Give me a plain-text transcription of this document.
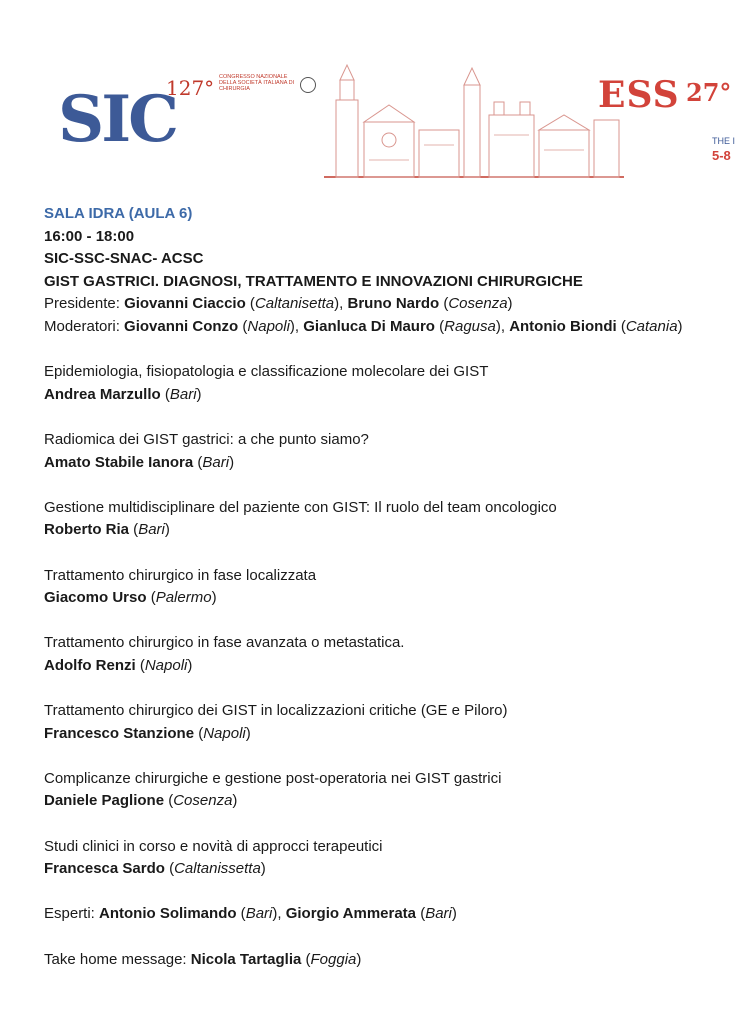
SIC
127° CONGRESSO NAZIONALE DELLA SOCIETÀ ITALIANA DI CHIRURGIA	ESS 27°
THE I
5-8

SALA IDRA (AULA 6)

16:00 - 18:00

SIC-SSC-SNAC- ACSC

GIST GASTRICI. DIAGNOSI, TRATTAMENTO E INNOVAZIONI CHIRURGICHE

Presidente: Giovanni Ciaccio (Caltanisetta), Bruno Nardo (Cosenza)

Moderatori: Giovanni Conzo (Napoli), Gianluca Di Mauro (Ragusa), Antonio Biondi (Catania)

Epidemiologia, fisiopatologia e classificazione molecolare dei GIST

Andrea Marzullo (Bari)

Radiomica dei GIST gastrici: a che punto siamo?

Amato Stabile Ianora (Bari)

Gestione multidisciplinare del paziente con GIST: Il ruolo del team oncologico

Roberto Ria (Bari)

Trattamento chirurgico in fase localizzata

Giacomo Urso (Palermo)

Trattamento chirurgico in fase avanzata o metastatica.

Adolfo Renzi (Napoli)

Trattamento chirurgico dei GIST in localizzazioni critiche (GE e Piloro)

Francesco Stanzione (Napoli)

Complicanze chirurgiche e gestione post-operatoria nei GIST gastrici

Daniele Paglione (Cosenza)

Studi clinici in corso e novità di approcci terapeutici

Francesca Sardo (Caltanissetta)

Esperti: Antonio Solimando (Bari), Giorgio Ammerata (Bari)

Take home message: Nicola Tartaglia (Foggia)
